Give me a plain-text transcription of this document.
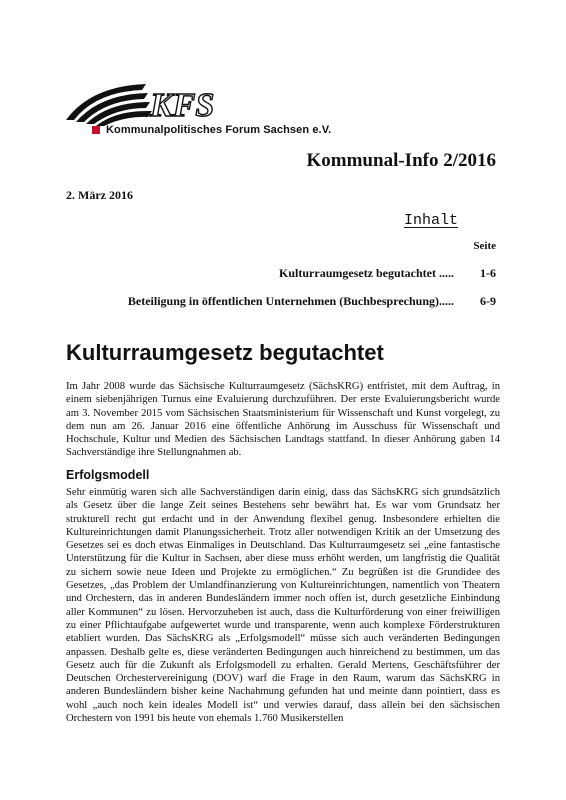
KFS
Kommunalpolitisches Forum Sachsen e.V.
Kommunal-Info 2/2016
2. März 2016
Inhalt
Seite
Kulturraumgesetz begutachtet ..... 1-6
Beteiligung in öffentlichen Unternehmen (Buchbesprechung)..... 6-9
Kulturraumgesetz begutachtet
Im Jahr 2008 wurde das Sächsische Kulturraumgesetz (SächsKRG) entfristet, mit dem Auftrag, in einem siebenjährigen Turnus eine Evaluierung durchzuführen. Der erste Evaluierungsbericht wurde am 3. November 2015 vom Sächsischen Staatsministerium für Wissenschaft und Kunst vorgelegt, zu dem nun am 26. Januar 2016 eine öffentliche Anhörung im Ausschuss für Wissenschaft und Hochschule, Kultur und Medien des Sächsischen Landtags stattfand. In dieser Anhörung gaben 14 Sachverständige ihre Stellungnahmen ab.
Erfolgsmodell
Sehr einmütig waren sich alle Sachverständigen darin einig, dass das SächsKRG sich grundsätzlich als Gesetz über die lange Zeit seines Bestehens sehr bewährt hat. Es war vom Grundsatz her strukturell recht gut erdacht und in der Anwendung flexibel genug. Insbesondere erhielten die Kultureinrichtungen damit Planungssicherheit. Trotz aller notwendigen Kritik an der Umsetzung des Gesetzes sei es doch etwas Einmaliges in Deutschland. Das Kulturraumgesetz sei „eine fantastische Unterstützung für die Kultur in Sachsen, aber diese muss erhöht werden, um langfristig die Qualität zu sichern sowie neue Ideen und Projekte zu ermöglichen.“ Zu begrüßen ist die Grundidee des Gesetzes, „das Problem der Umlandfinanzierung von Kultureinrichtungen, namentlich von Theatern und Orchestern, das in anderen Bundesländern immer noch offen ist, durch gesetzliche Einbindung aller Kommunen“ zu lösen. Hervorzuheben ist auch, dass die Kulturförderung von einer freiwilligen zu einer Pflichtaufgabe aufgewertet wurde und transparente, wenn auch komplexe Förderstrukturen etabliert wurden. Das SächsKRG als „Erfolgsmodell“ müsse sich auch veränderten Bedingungen anpassen. Deshalb gelte es, diese veränderten Bedingungen auch hinreichend zu bestimmen, um das Gesetz auch für die Zukunft als Erfolgsmodell zu erhalten. Gerald Mertens, Geschäftsführer der Deutschen Orchestervereinigung (DOV) warf die Frage in den Raum, warum das SächsKRG in anderen Bundesländern bisher keine Nachahmung gefunden hat und meinte dann pointiert, dass es wohl „auch noch kein ideales Modell ist“ und verwies darauf, dass allein bei den sächsischen Orchestern von 1991 bis heute von ehemals 1.760 Musikerstellen
